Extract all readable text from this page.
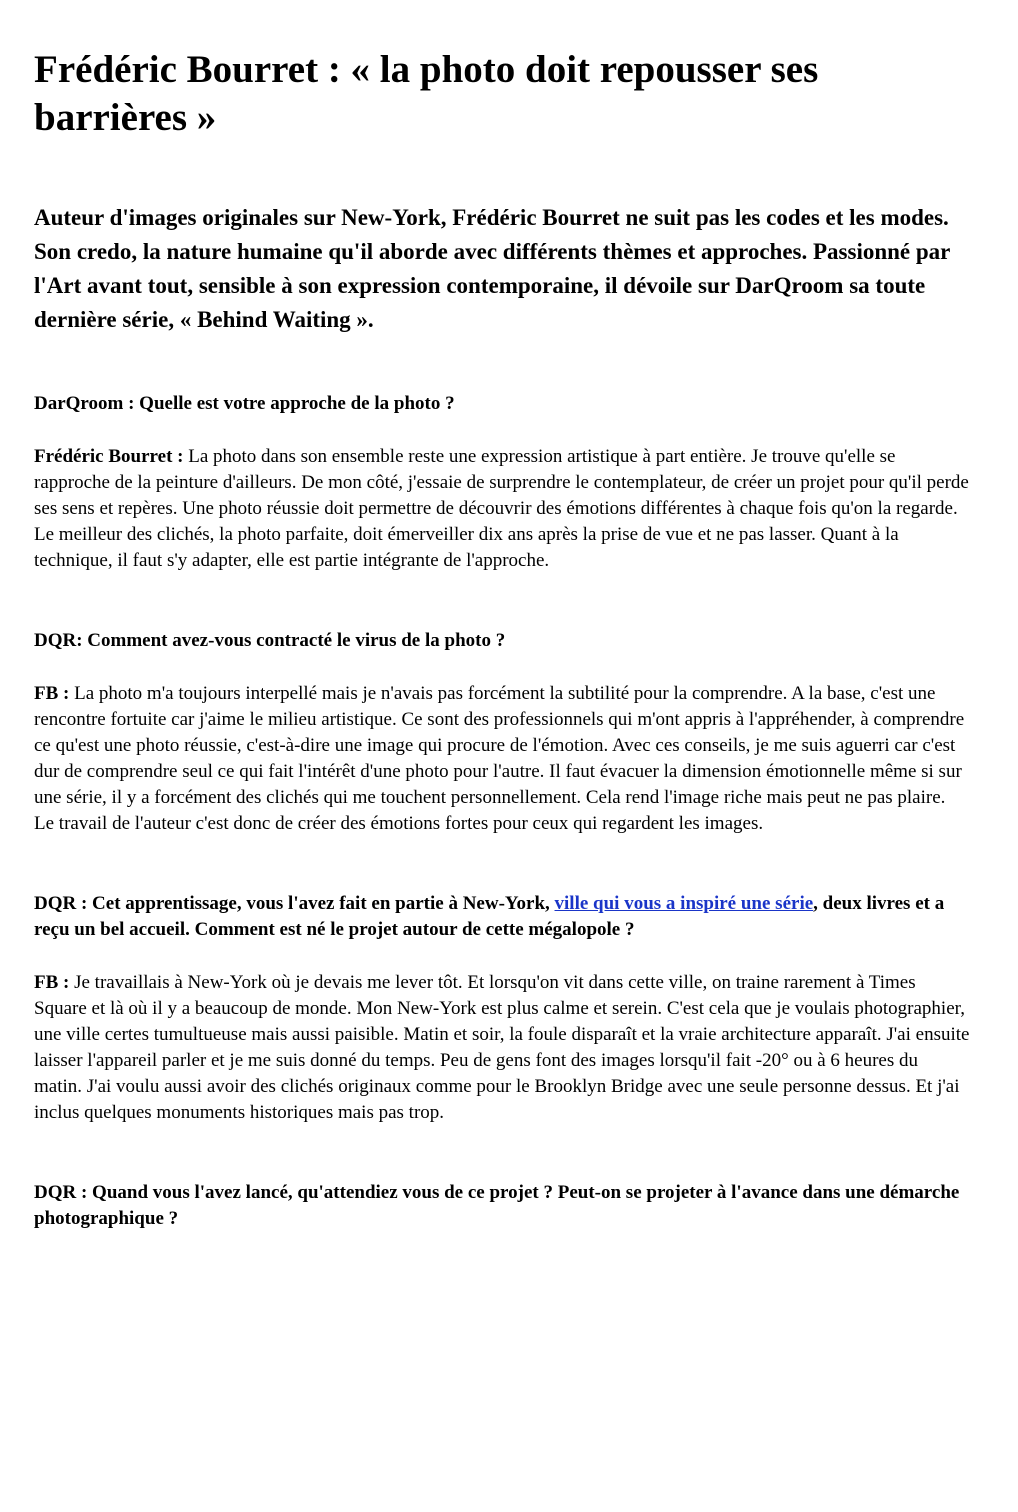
Frédéric Bourret : « la photo doit repousser ses barrières »

Auteur d'images originales sur New-York, Frédéric Bourret ne suit pas les codes et les modes. Son credo, la nature humaine qu'il aborde avec différents thèmes et approches. Passionné par l'Art avant tout, sensible à son expression contemporaine, il dévoile sur DarQroom sa toute dernière série, « Behind Waiting ».

DarQroom : Quelle est votre approche de la photo ?

Frédéric Bourret : La photo dans son ensemble reste une expression artistique à part entière. Je trouve qu'elle se rapproche de la peinture d'ailleurs. De mon côté, j'essaie de surprendre le contemplateur, de créer un projet pour qu'il perde ses sens et repères. Une photo réussie doit permettre de découvrir des émotions différentes à chaque fois qu'on la regarde. Le meilleur des clichés, la photo parfaite, doit émerveiller dix ans après la prise de vue et ne pas lasser. Quant à la technique, il faut s'y adapter, elle est partie intégrante de l'approche.

DQR: Comment avez-vous contracté le virus de la photo ?

FB : La photo m'a toujours interpellé mais je n'avais pas forcément la subtilité pour la comprendre. A la base, c'est une rencontre fortuite car j'aime le milieu artistique. Ce sont des professionnels qui m'ont appris à l'appréhender, à comprendre ce qu'est une photo réussie, c'est-à-dire une image qui procure de l'émotion. Avec ces conseils, je me suis aguerri car c'est dur de comprendre seul ce qui fait l'intérêt d'une photo pour l'autre. Il faut évacuer la dimension émotionnelle même si sur une série, il y a forcément des clichés qui me touchent personnellement. Cela rend l'image riche mais peut ne pas plaire. Le travail de l'auteur c'est donc de créer des émotions fortes pour ceux qui regardent les images.

DQR : Cet apprentissage, vous l'avez fait en partie à New-York, ville qui vous a inspiré une série, deux livres et a reçu un bel accueil. Comment est né le projet autour de cette mégalopole ?

FB : Je travaillais à New-York où je devais me lever tôt. Et lorsqu'on vit dans cette ville, on traine rarement à Times Square et là où il y a beaucoup de monde. Mon New-York est plus calme et serein. C'est cela que je voulais photographier, une ville certes tumultueuse mais aussi paisible. Matin et soir, la foule disparaît et la vraie architecture apparaît. J'ai ensuite laisser l'appareil parler et je me suis donné du temps. Peu de gens font des images lorsqu'il fait -20° ou à 6 heures du matin. J'ai voulu aussi avoir des clichés originaux comme pour le Brooklyn Bridge avec une seule personne dessus. Et j'ai inclus quelques monuments historiques mais pas trop.

DQR : Quand vous l'avez lancé, qu'attendiez vous de ce projet ? Peut-on se projeter à l'avance dans une démarche photographique ?
